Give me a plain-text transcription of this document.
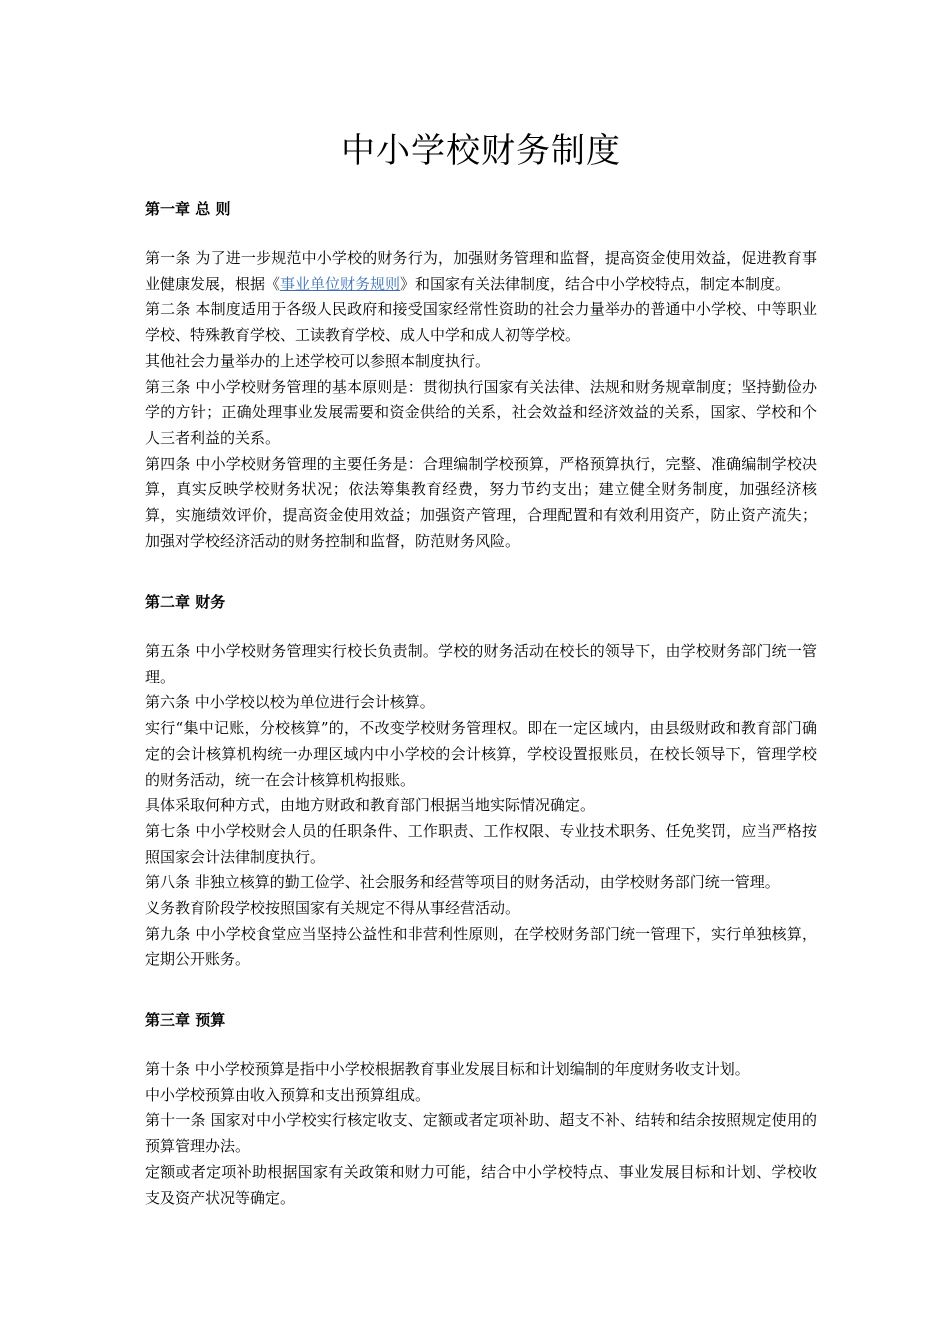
中小学校财务制度
第一章 总 则

第一条 为了进一步规范中小学校的财务行为，加强财务管理和监督，提高资金使用效益，促进教育事业健康发展，根据《事业单位财务规则》和国家有关法律制度，结合中小学校特点，制定本制度。

第二条 本制度适用于各级人民政府和接受国家经常性资助的社会力量举办的普通中小学校、中等职业学校、特殊教育学校、工读教育学校、成人中学和成人初等学校。

其他社会力量举办的上述学校可以参照本制度执行。

第三条 中小学校财务管理的基本原则是：贯彻执行国家有关法律、法规和财务规章制度；坚持勤俭办学的方针；正确处理事业发展需要和资金供给的关系，社会效益和经济效益的关系，国家、学校和个人三者利益的关系。

第四条 中小学校财务管理的主要任务是：合理编制学校预算，严格预算执行，完整、准确编制学校决算，真实反映学校财务状况；依法筹集教育经费，努力节约支出；建立健全财务制度，加强经济核算，实施绩效评价，提高资金使用效益；加强资产管理，合理配置和有效利用资产，防止资产流失；加强对学校经济活动的财务控制和监督，防范财务风险。

第二章 财务

第五条 中小学校财务管理实行校长负责制。学校的财务活动在校长的领导下，由学校财务部门统一管理。

第六条 中小学校以校为单位进行会计核算。

实行“集中记账，分校核算”的，不改变学校财务管理权。即在一定区域内，由县级财政和教育部门确定的会计核算机构统一办理区域内中小学校的会计核算，学校设置报账员，在校长领导下，管理学校的财务活动，统一在会计核算机构报账。

具体采取何种方式，由地方财政和教育部门根据当地实际情况确定。

第七条 中小学校财会人员的任职条件、工作职责、工作权限、专业技术职务、任免奖罚，应当严格按照国家会计法律制度执行。

第八条 非独立核算的勤工俭学、社会服务和经营等项目的财务活动，由学校财务部门统一管理。

义务教育阶段学校按照国家有关规定不得从事经营活动。

第九条 中小学校食堂应当坚持公益性和非营利性原则，在学校财务部门统一管理下，实行单独核算，定期公开账务。

第三章 预算

第十条 中小学校预算是指中小学校根据教育事业发展目标和计划编制的年度财务收支计划。

中小学校预算由收入预算和支出预算组成。

第十一条 国家对中小学校实行核定收支、定额或者定项补助、超支不补、结转和结余按照规定使用的预算管理办法。

定额或者定项补助根据国家有关政策和财力可能，结合中小学校特点、事业发展目标和计划、学校收支及资产状况等确定。
